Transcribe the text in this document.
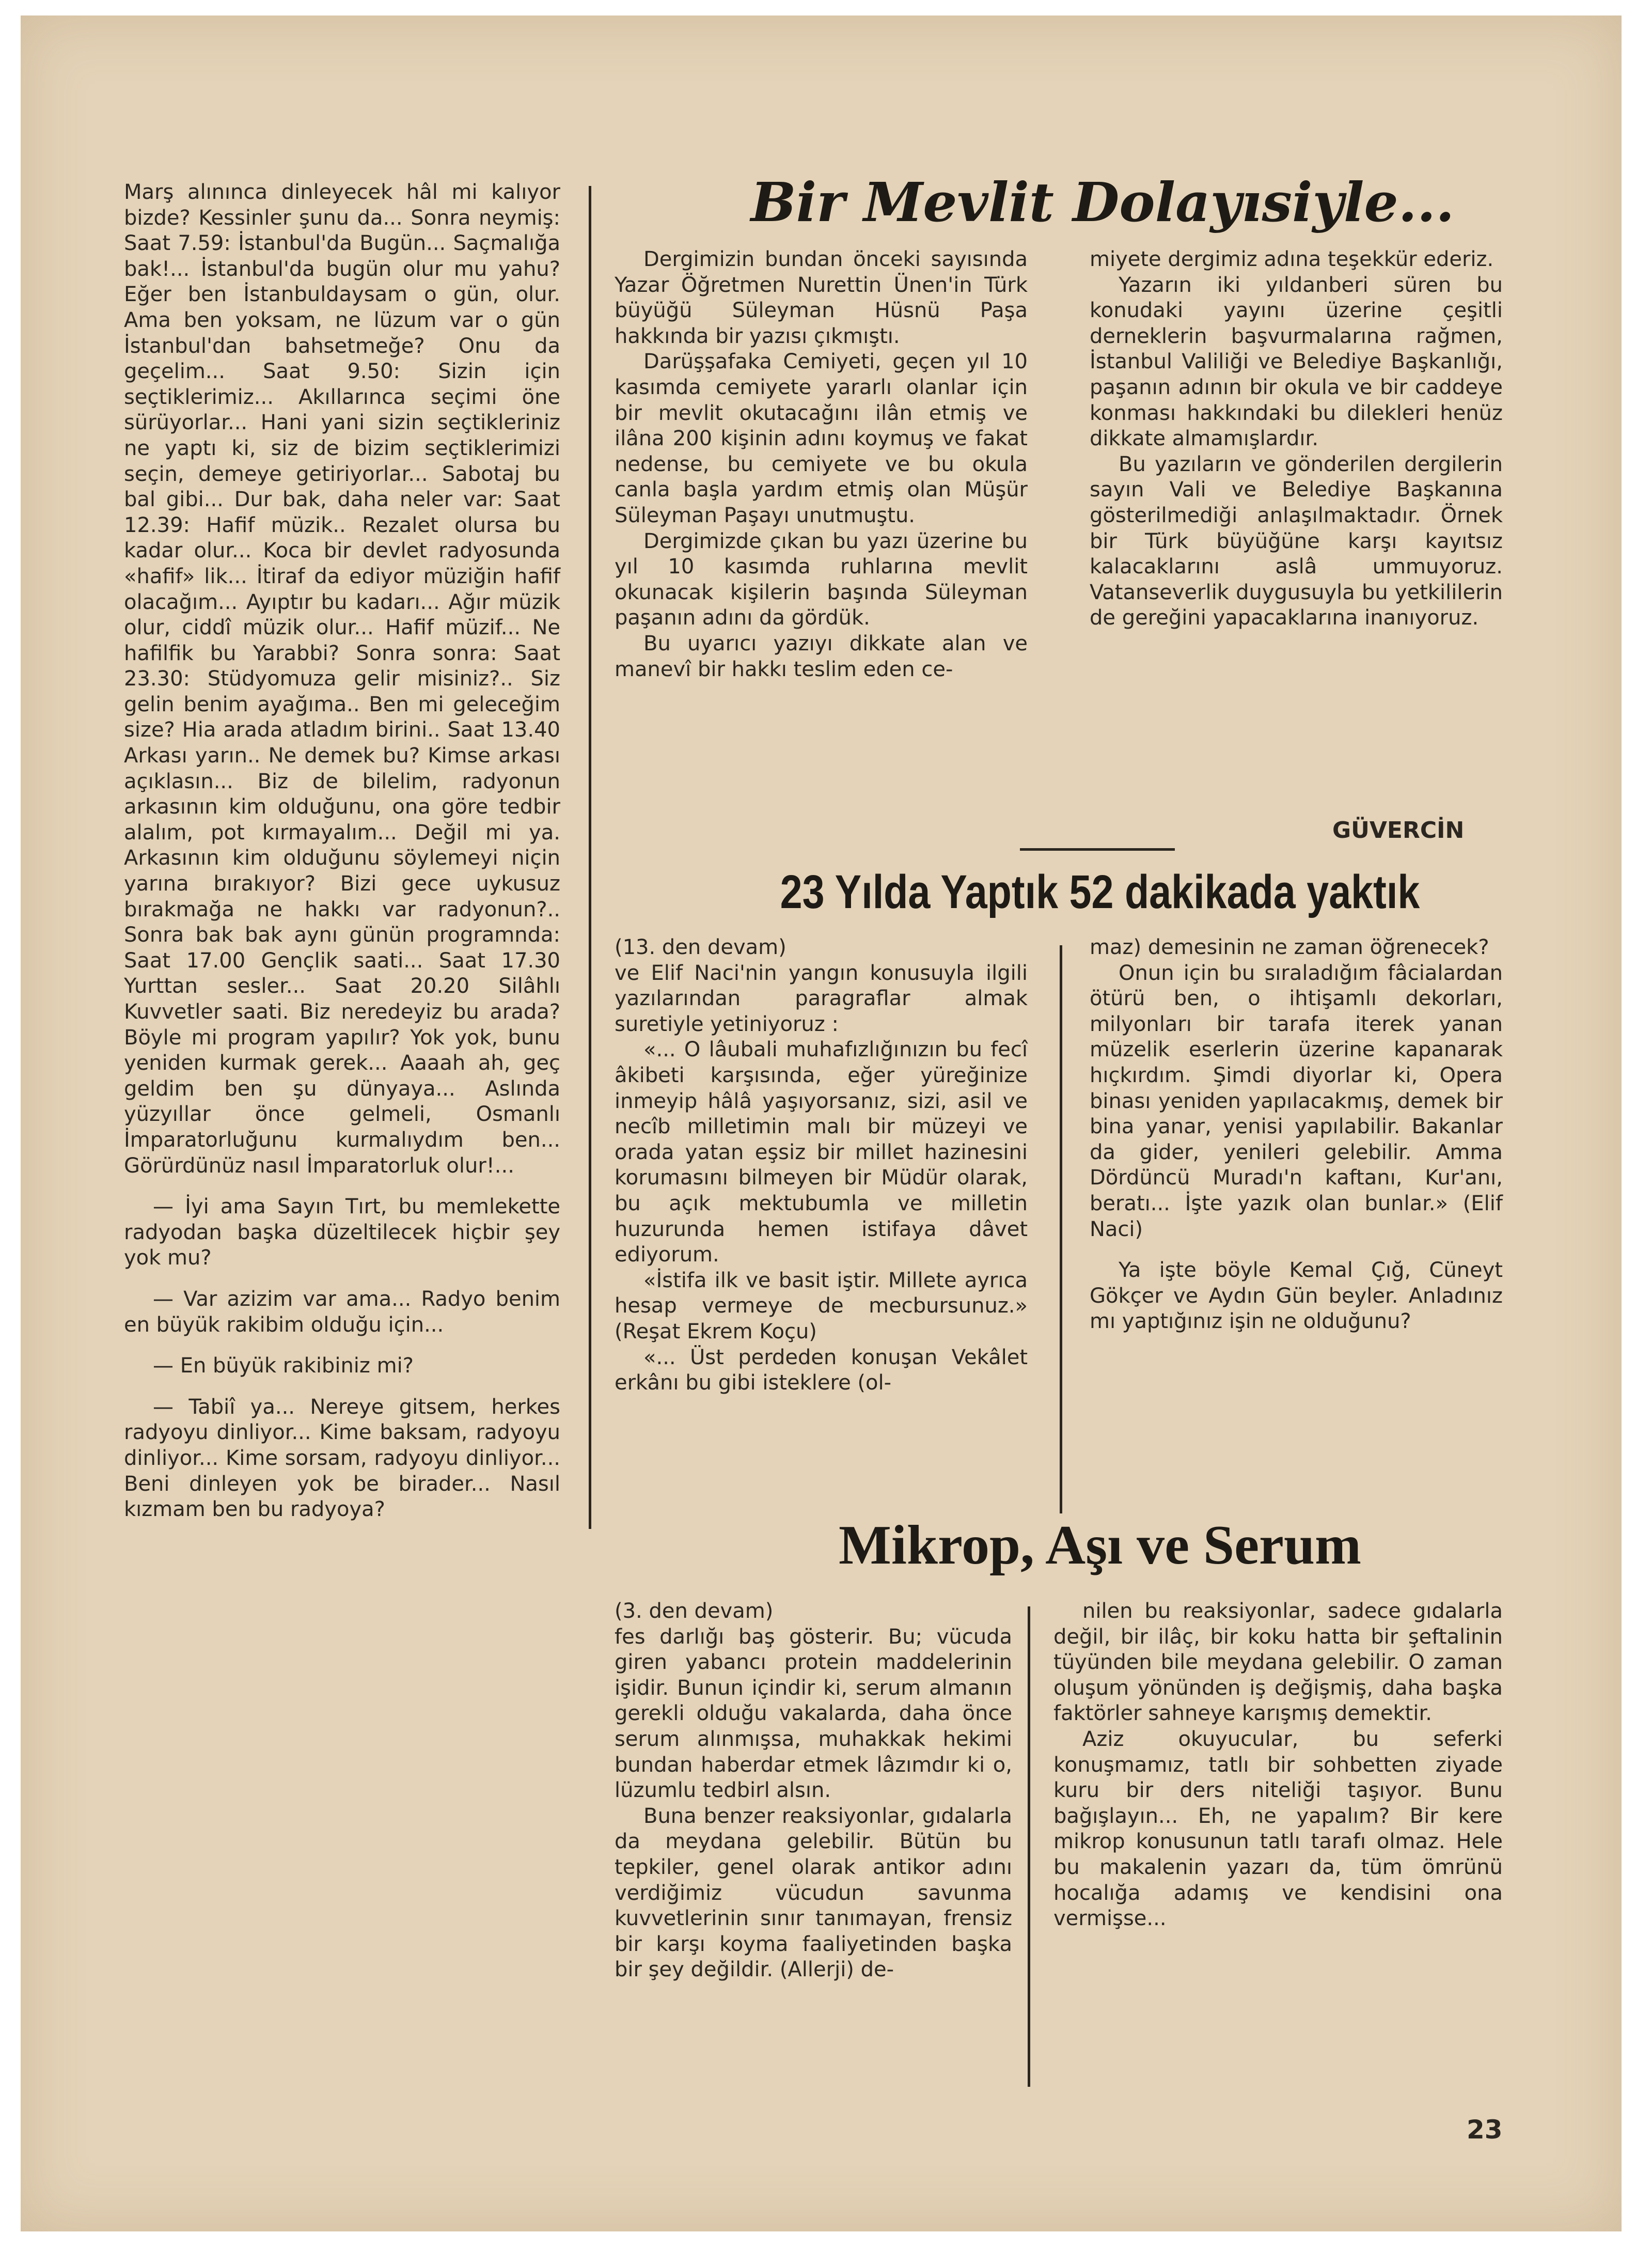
Marş alınınca dinleyecek hâl mi kalıyor bizde? Kessinler şunu da... Sonra neymiş: Saat 7.59: İstanbul'da Bugün... Saçmalığa bak!... İstanbul'da bugün olur mu yahu? Eğer ben İstanbuldaysam o gün, olur. Ama ben yoksam, ne lüzum var o gün İstanbul'dan bahsetmeğe? Onu da geçelim... Saat 9.50: Sizin için seçtiklerimiz... Akıllarınca seçimi öne sürüyorlar... Hani yani sizin seçtikleriniz ne yaptı ki, siz de bizim seçtiklerimizi seçin, demeye getiriyorlar... Sabotaj bu bal gibi... Dur bak, daha neler var: Saat 12.39: Hafif müzik.. Rezalet olursa bu kadar olur... Koca bir devlet radyosunda «hafif» lik... İtiraf da ediyor müziğin hafif olacağım... Ayıptır bu kadarı... Ağır müzik olur, ciddî müzik olur... Hafif müzif... Ne hafilfik bu Yarabbi? Sonra sonra: Saat 23.30: Stüdyomuza gelir misiniz?.. Siz gelin benim ayağıma.. Ben mi geleceğim size? Hia arada atladım birini.. Saat 13.40 Arkası yarın.. Ne demek bu? Kimse arkası açıklasın... Biz de bilelim, radyonun arkasının kim olduğunu, ona göre tedbir alalım, pot kırmayalım... Değil mi ya. Arkasının kim olduğunu söylemeyi niçin yarına bırakıyor? Bizi gece uykusuz bırakmağa ne hakkı var radyonun?.. Sonra bak bak aynı günün programnda: Saat 17.00 Gençlik saati... Saat 17.30 Yurttan sesler... Saat 20.20 Silâhlı Kuvvetler saati. Biz neredeyiz bu arada? Böyle mi program yapılır? Yok yok, bunu yeniden kurmak gerek... Aaaah ah, geç geldim ben şu dünyaya... Aslında yüzyıllar önce gelmeli, Osmanlı İmparatorluğunu kurmalıydım ben... Görürdünüz nasıl İmparatorluk olur!...

— İyi ama Sayın Tırt, bu memlekette radyodan başka düzeltilecek hiçbir şey yok mu?

— Var azizim var ama... Radyo benim en büyük rakibim olduğu için...

— En büyük rakibiniz mi?

— Tabiî ya... Nereye gitsem, herkes radyoyu dinliyor... Kime baksam, radyoyu dinliyor... Kime sorsam, radyoyu dinliyor... Beni dinleyen yok be birader... Nasıl kızmam ben bu radyoya?

Bir Mevlit Dolayısiyle...

Dergimizin bundan önceki sayısında Yazar Öğretmen Nurettin Ünen'in Türk büyüğü Süleyman Hüsnü Paşa hakkında bir yazısı çıkmıştı.

Darüşşafaka Cemiyeti, geçen yıl 10 kasımda cemiyete yararlı olanlar için bir mevlit okutacağını ilân etmiş ve ilâna 200 kişinin adını koymuş ve fakat nedense, bu cemiyete ve bu okula canla başla yardım etmiş olan Müşür Süleyman Paşayı unutmuştu.

Dergimizde çıkan bu yazı üzerine bu yıl 10 kasımda ruhlarına mevlit okunacak kişilerin başında Süleyman paşanın adını da gördük.

Bu uyarıcı yazıyı dikkate alan ve manevî bir hakkı teslim eden ce-

miyete dergimiz adına teşekkür ederiz.

Yazarın iki yıldanberi süren bu konudaki yayını üzerine çeşitli derneklerin başvurmalarına rağmen, İstanbul Valiliği ve Belediye Başkanlığı, paşanın adının bir okula ve bir caddeye konması hakkındaki bu dilekleri henüz dikkate almamışlardır.

Bu yazıların ve gönderilen dergilerin sayın Vali ve Belediye Başkanına gösterilmediği anlaşılmaktadır. Örnek bir Türk büyüğüne karşı kayıtsız kalacaklarını aslâ ummuyoruz. Vatanseverlik duygusuyla bu yetkililerin de gereğini yapacaklarına inanıyoruz.

GÜVERCİN
23 Yılda Yaptık 52 dakikada yaktık

(13. den devam)

ve Elif Naci'nin yangın konusuyla ilgili yazılarından paragraflar almak suretiyle yetiniyoruz :

«... O lâubali muhafızlığınızın bu fecî âkibeti karşısında, eğer yüreğinize inmeyip hâlâ yaşıyorsanız, sizi, asil ve necîb milletimin malı bir müzeyi ve orada yatan eşsiz bir millet hazinesini korumasını bilmeyen bir Müdür olarak, bu açık mektubumla ve milletin huzurunda hemen istifaya dâvet ediyorum.

«İstifa ilk ve basit iştir. Millete ayrıca hesap vermeye de mecbursunuz.» (Reşat Ekrem Koçu)

«... Üst perdeden konuşan Vekâlet erkânı bu gibi isteklere (ol-

maz) demesinin ne zaman öğrenecek?

Onun için bu sıraladığım fâcialardan ötürü ben, o ihtişamlı dekorları, milyonları bir tarafa iterek yanan müzelik eserlerin üzerine kapanarak hıçkırdım. Şimdi diyorlar ki, Opera binası yeniden yapılacakmış, demek bir bina yanar, yenisi yapılabilir. Bakanlar da gider, yenileri gelebilir. Amma Dördüncü Muradı'n kaftanı, Kur'anı, beratı... İşte yazık olan bunlar.» (Elif Naci)

Ya işte böyle Kemal Çığ, Cüneyt Gökçer ve Aydın Gün beyler. Anladınız mı yaptığınız işin ne olduğunu?

Mikrop, Aşı ve Serum

(3. den devam)

fes darlığı baş gösterir. Bu; vücuda giren yabancı protein maddelerinin işidir. Bunun içindir ki, serum almanın gerekli olduğu vakalarda, daha önce serum alınmışsa, muhakkak hekimi bundan haberdar etmek lâzımdır ki o, lüzumlu tedbirl alsın.

Buna benzer reaksiyonlar, gıdalarla da meydana gelebilir. Bütün bu tepkiler, genel olarak antikor adını verdiğimiz vücudun savunma kuvvetlerinin sınır tanımayan, frensiz bir karşı koyma faaliyetinden başka bir şey değildir. (Allerji) de-

nilen bu reaksiyonlar, sadece gıdalarla değil, bir ilâç, bir koku hatta bir şeftalinin tüyünden bile meydana gelebilir. O zaman oluşum yönünden iş değişmiş, daha başka faktörler sahneye karışmış demektir.

Aziz okuyucular, bu seferki konuşmamız, tatlı bir sohbetten ziyade kuru bir ders niteliği taşıyor. Bunu bağışlayın... Eh, ne yapalım? Bir kere mikrop konusunun tatlı tarafı olmaz. Hele bu makalenin yazarı da, tüm ömrünü hocalığa adamış ve kendisini ona vermişse...

23
